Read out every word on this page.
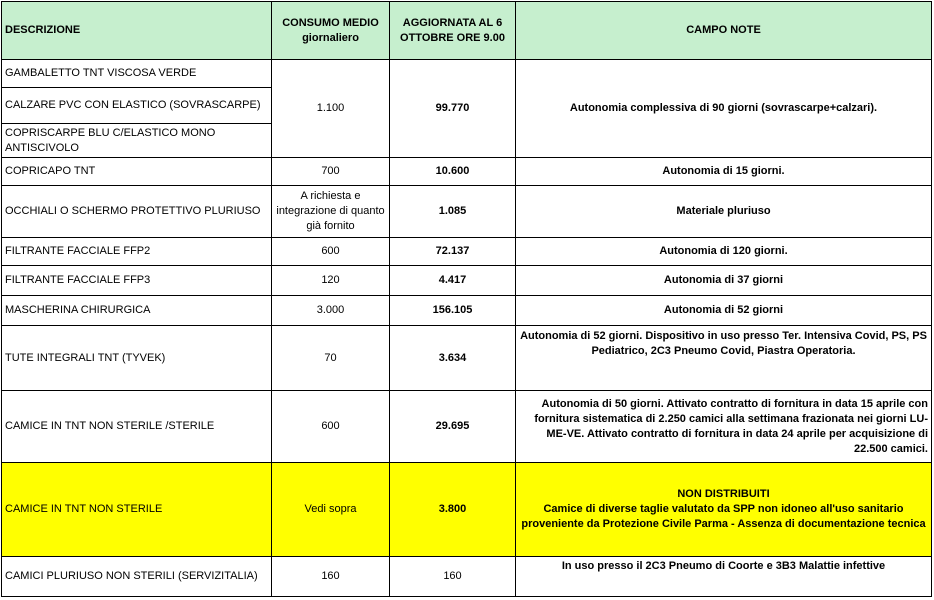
DESCRIZIONE	CONSUMO MEDIO giornaliero	AGGIORNATA AL 6 OTTOBRE ORE 9.00	CAMPO NOTE
GAMBALETTO TNT VISCOSA VERDE	1.100	99.770	Autonomia complessiva di 90 giorni (sovrascarpe+calzari).
CALZARE PVC CON ELASTICO (SOVRASCARPE)			
COPRISCARPE BLU C/ELASTICO MONO ANTISCIVOLO			
COPRICAPO TNT	700	10.600	Autonomia di 15 giorni.
OCCHIALI O SCHERMO PROTETTIVO PLURIUSO	A richiesta e integrazione di quanto già fornito	1.085	Materiale pluriuso
FILTRANTE FACCIALE FFP2	600	72.137	Autonomia di 120 giorni.
FILTRANTE FACCIALE FFP3	120	4.417	Autonomia di 37 giorni
MASCHERINA CHIRURGICA	3.000	156.105	Autonomia di 52 giorni
TUTE INTEGRALI TNT (TYVEK)	70	3.634	Autonomia di 52 giorni. Dispositivo in uso presso Ter. Intensiva Covid, PS, PS Pediatrico, 2C3 Pneumo Covid, Piastra Operatoria.
CAMICE IN TNT NON STERILE /STERILE	600	29.695	Autonomia di 50 giorni. Attivato contratto di fornitura in data 15 aprile con fornitura sistematica di 2.250 camici alla settimana frazionata nei giorni LU-ME-VE. Attivato contratto di fornitura in data 24 aprile per acquisizione di 22.500 camici.
CAMICE IN TNT NON STERILE	Vedi sopra	3.800	NON DISTRIBUITI
Camice di diverse taglie valutato da SPP non idoneo all'uso sanitario proveniente da Protezione Civile Parma - Assenza di documentazione tecnica

CAMICI PLURIUSO NON STERILI (SERVIZITALIA)	160	160	In uso presso il 2C3 Pneumo di Coorte e 3B3 Malattie infettive
